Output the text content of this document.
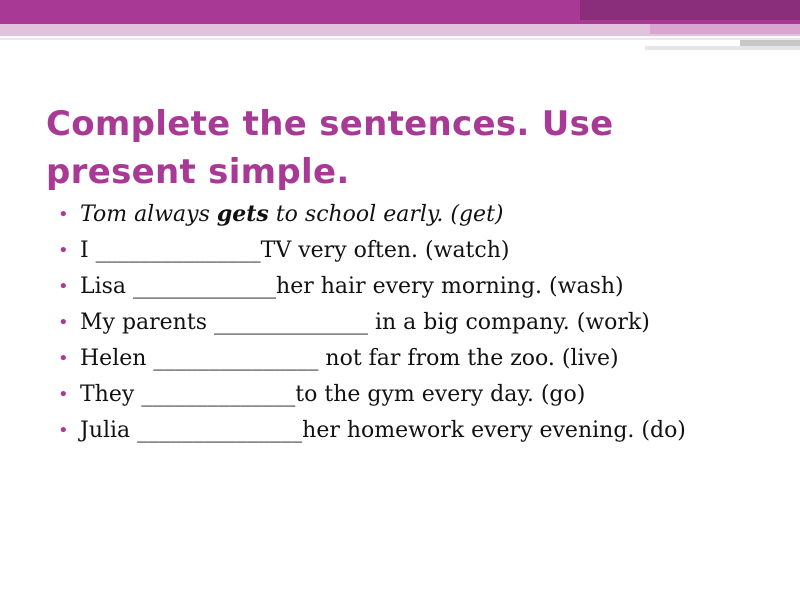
Complete the sentences. Use present simple.
• Tom always gets to school early. (get)
• I _______________TV very often. (watch)
• Lisa _____________her hair every morning. (wash)
• My parents ______________ in a big company. (work)
• Helen _______________ not far from the zoo. (live)
• They ______________to the gym every day. (go)
• Julia _______________her homework every evening. (do)
